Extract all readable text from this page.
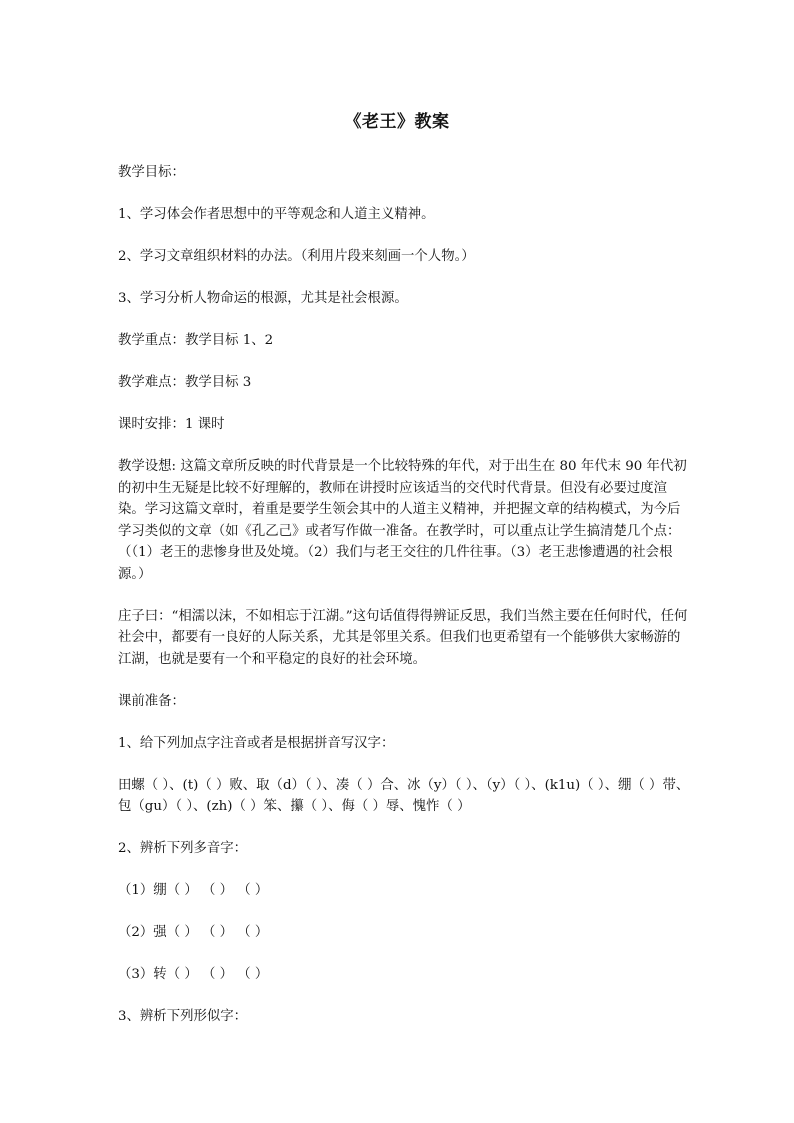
《老王》教案

教学目标：

1、学习体会作者思想中的平等观念和人道主义精神。

2、学习文章组织材料的办法。（利用片段来刻画一个人物。）

3、学习分析人物命运的根源，尤其是社会根源。

教学重点：教学目标 1、2

教学难点：教学目标 3

课时安排：1 课时

教学设想: 这篇文章所反映的时代背景是一个比较特殊的年代，对于出生在 80 年代末 90 年代初的初中生无疑是比较不好理解的，教师在讲授时应该适当的交代时代背景。但没有必要过度渲染。学习这篇文章时，着重是要学生领会其中的人道主义精神，并把握文章的结构模式，为今后学习类似的文章（如《孔乙己》或者写作做一准备。在教学时，可以重点让学生搞清楚几个点：（（1）老王的悲惨身世及处境。（2）我们与老王交往的几件往事。（3）老王悲惨遭遇的社会根源。）

庄子曰：“相濡以沫，不如相忘于江湖。”这句话值得得辨证反思，我们当然主要在任何时代，任何社会中，都要有一良好的人际关系，尤其是邻里关系。但我们也更希望有一个能够供大家畅游的江湖，也就是要有一个和平稳定的良好的社会环境。

课前准备：

1、给下列加点字注音或者是根据拼音写汉字：

田螺（ ）、(t)（ ）败、取（d）（ ）、凑（ ）合、冰（y）（ ）、（y）（ ）、(k1u)（ ）、绷（ ）带、包（gu）（ ）、(zh)（ ）笨、攥（ ）、侮（ ）辱、愧怍（ ）

2、辨析下列多音字：

（1）绷（ ） （ ） （ ）

（2）强（ ） （ ） （ ）

（3）转（ ） （ ） （ ）

3、辨析下列形似字：
